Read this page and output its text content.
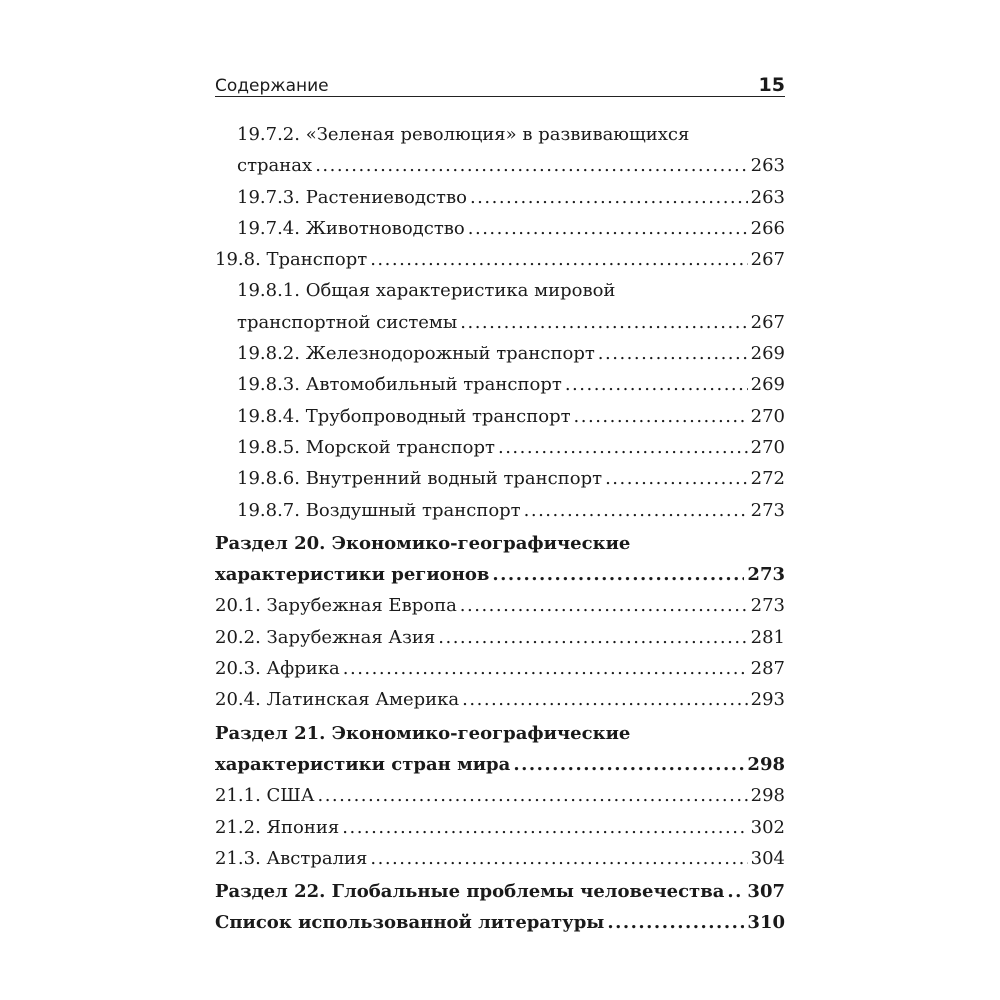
Содержание	15
19.7.2. «Зеленая революция» в развивающихся
странах .....	263
19.7.3. Растениеводство .....	263
19.7.4. Животноводство .....	266
19.8. Транспорт .....	267
19.8.1. Общая характеристика мировой
транспортной системы .....	267
19.8.2. Железнодорожный транспорт .....	269
19.8.3. Автомобильный транспорт .....	269
19.8.4. Трубопроводный транспорт .....	270
19.8.5. Морской транспорт .....	270
19.8.6. Внутренний водный транспорт .....	272
19.8.7. Воздушный транспорт .....	273
Раздел 20. Экономико-географические
характеристики регионов .....	273
20.1. Зарубежная Европа .....	273
20.2. Зарубежная Азия .....	281
20.3. Африка .....	287
20.4. Латинская Америка .....	293
Раздел 21. Экономико-географические
характеристики стран мира .....	298
21.1. США .....	298
21.2. Япония .....	302
21.3. Австралия .....	304
Раздел 22. Глобальные проблемы человечества ..... 307
Список использованной литературы .....	310
